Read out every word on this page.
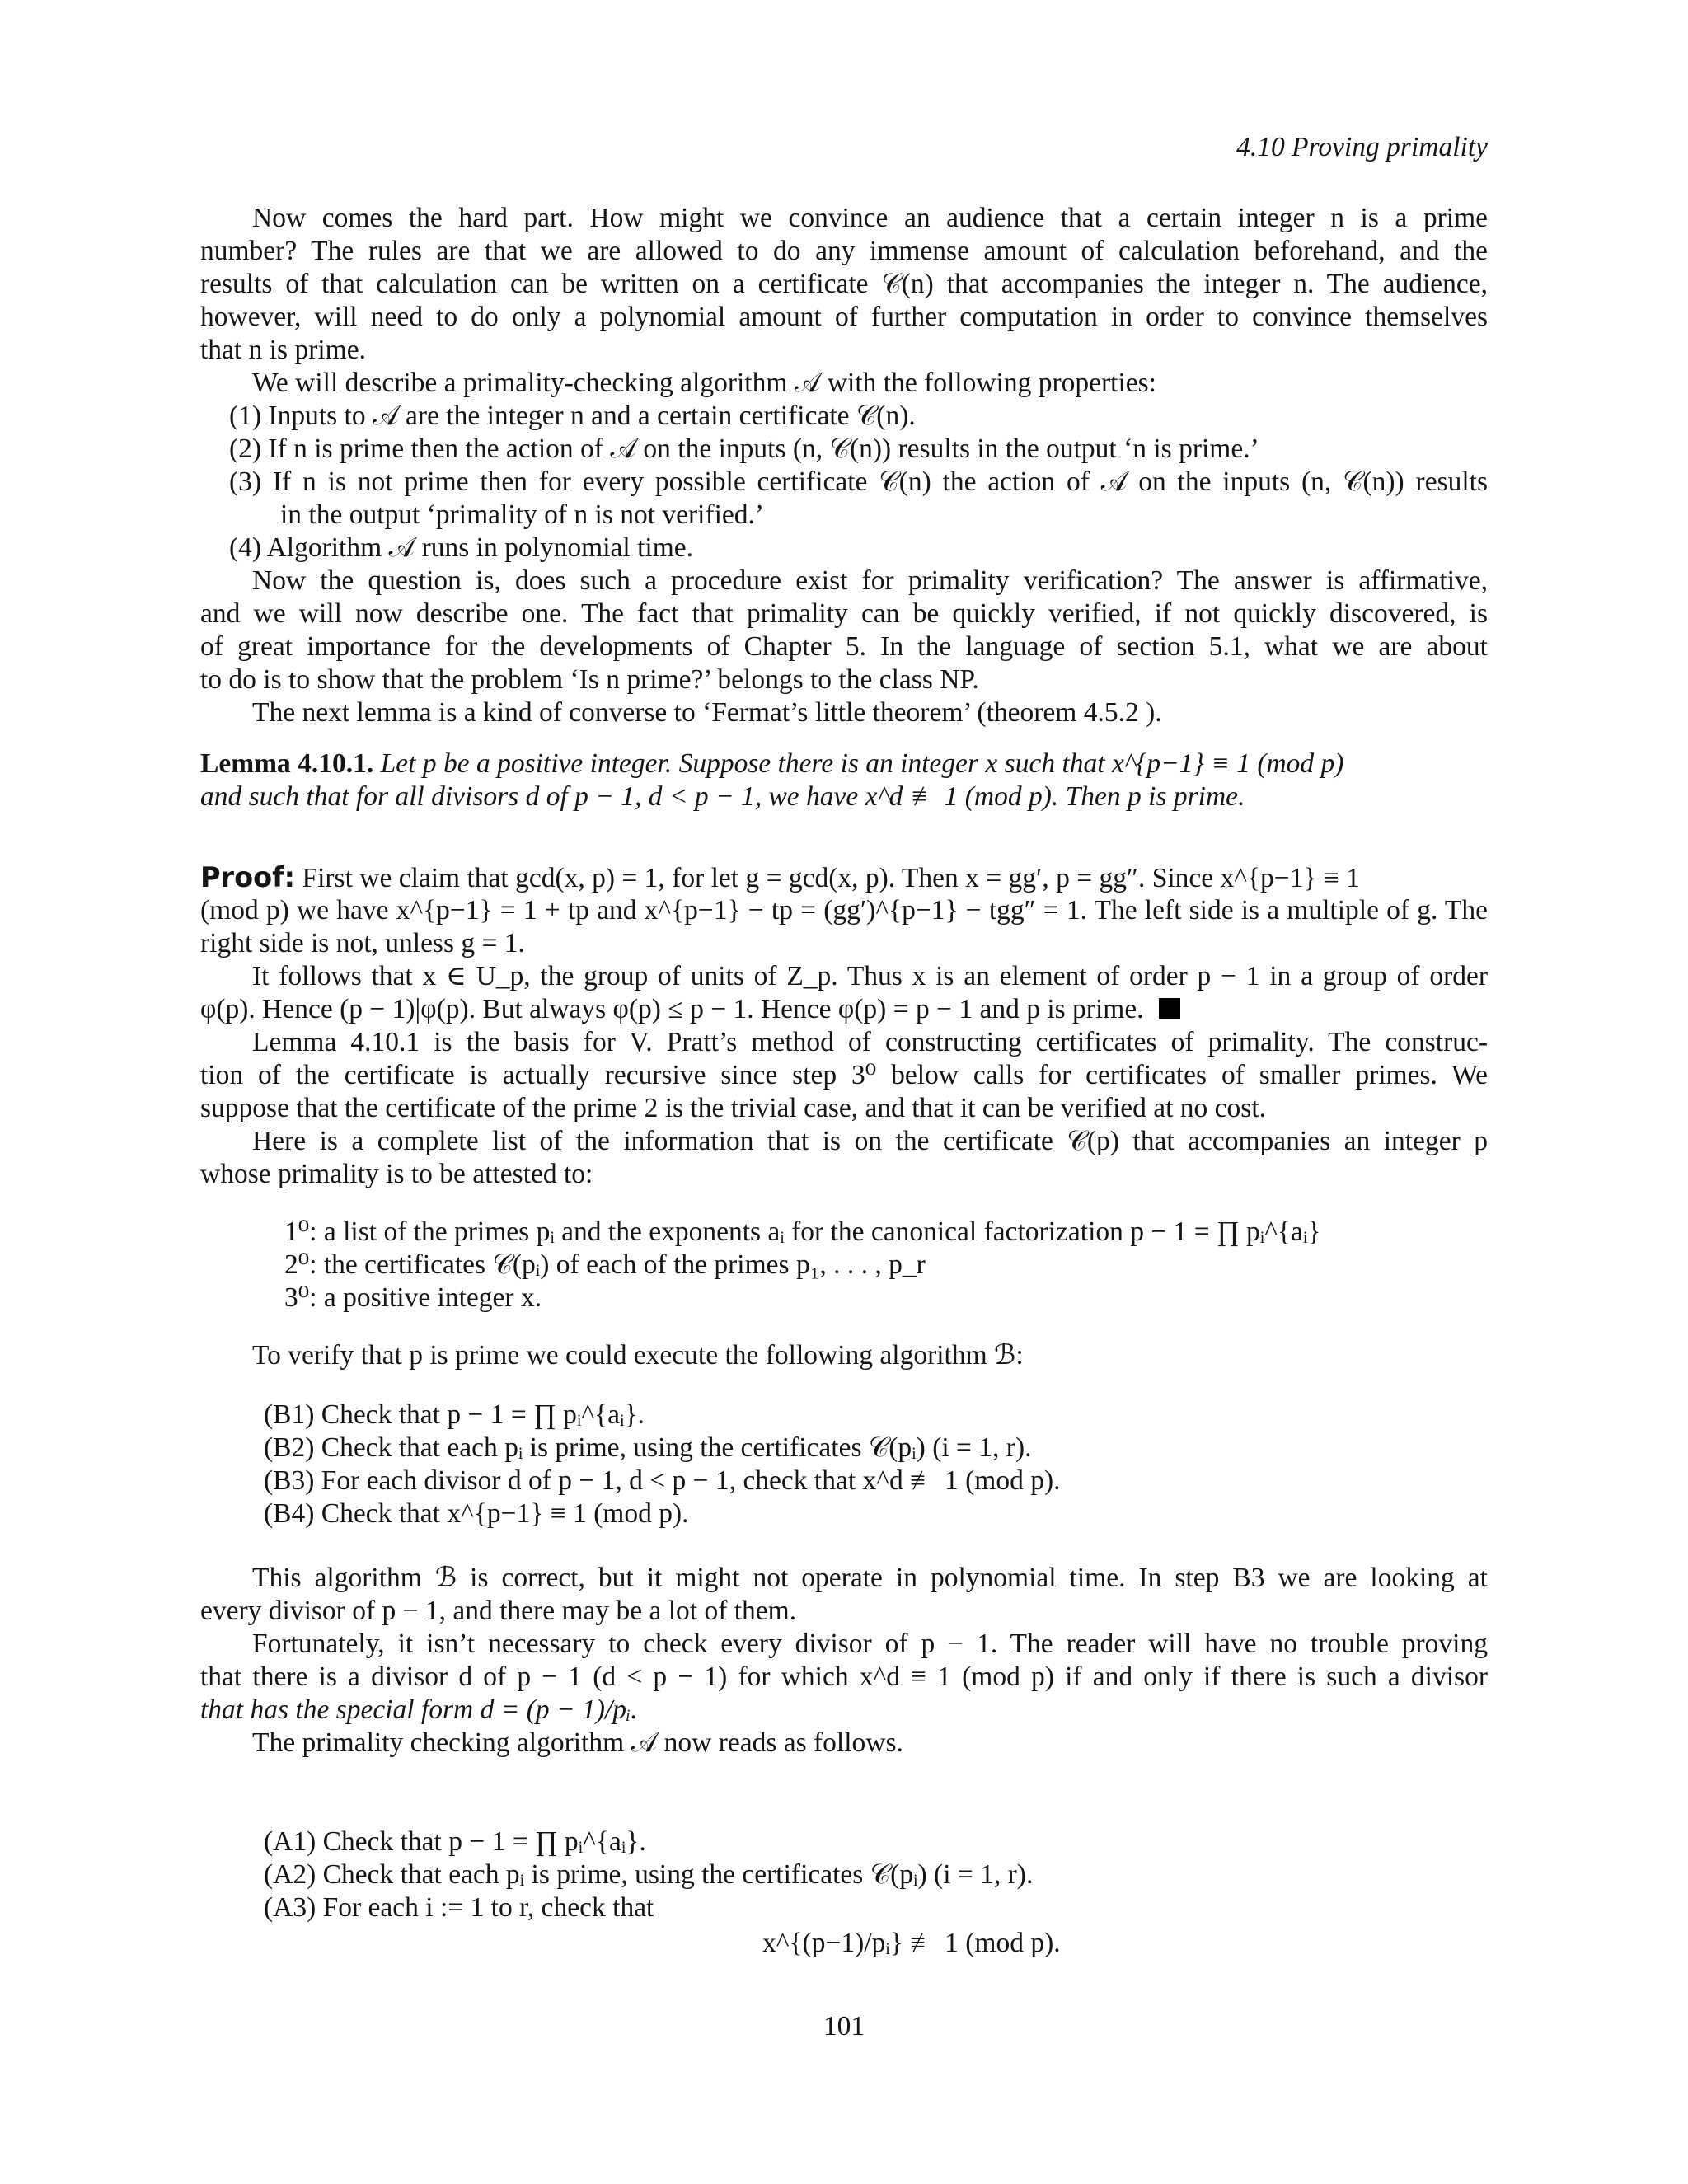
4.10 Proving primality
Now comes the hard part. How might we convince an audience that a certain integer n is a prime
number? The rules are that we are allowed to do any immense amount of calculation beforehand, and the
results of that calculation can be written on a certificate 𝒞(n) that accompanies the integer n. The audience,
however, will need to do only a polynomial amount of further computation in order to convince themselves
that n is prime.
We will describe a primality-checking algorithm 𝒜 with the following properties:
(1) Inputs to 𝒜 are the integer n and a certain certificate 𝒞(n).
(2) If n is prime then the action of 𝒜 on the inputs (n, 𝒞(n)) results in the output ‘n is prime.’
(3) If n is not prime then for every possible certificate 𝒞(n) the action of 𝒜 on the inputs (n, 𝒞(n)) results
in the output ‘primality of n is not verified.’
(4) Algorithm 𝒜 runs in polynomial time.
Now the question is, does such a procedure exist for primality verification? The answer is affirmative,
and we will now describe one. The fact that primality can be quickly verified, if not quickly discovered, is
of great importance for the developments of Chapter 5. In the language of section 5.1, what we are about
to do is to show that the problem ‘Is n prime?’ belongs to the class NP.
The next lemma is a kind of converse to ‘Fermat’s little theorem’ (theorem 4.5.2 ).
Lemma 4.10.1. Let p be a positive integer. Suppose there is an integer x such that x^{p−1} ≡ 1 (mod p)
and such that for all divisors d of p − 1, d < p − 1, we have x^d ≢ 1 (mod p). Then p is prime.
Proof: First we claim that gcd(x, p) = 1, for let g = gcd(x, p). Then x = gg′, p = gg″. Since x^{p−1} ≡ 1
(mod p) we have x^{p−1} = 1 + tp and x^{p−1} − tp = (gg′)^{p−1} − tgg″ = 1. The left side is a multiple of g. The
right side is not, unless g = 1.
It follows that x ∈ U_p, the group of units of Z_p. Thus x is an element of order p − 1 in a group of order
φ(p). Hence (p − 1)|φ(p). But always φ(p) ≤ p − 1. Hence φ(p) = p − 1 and p is prime.
Lemma 4.10.1 is the basis for V. Pratt’s method of constructing certificates of primality. The construc-
tion of the certificate is actually recursive since step 3⁰ below calls for certificates of smaller primes. We
suppose that the certificate of the prime 2 is the trivial case, and that it can be verified at no cost.
Here is a complete list of the information that is on the certificate 𝒞(p) that accompanies an integer p
whose primality is to be attested to:
1⁰: a list of the primes pᵢ and the exponents aᵢ for the canonical factorization p − 1 = ∏ pᵢ^{aᵢ}
2⁰: the certificates 𝒞(pᵢ) of each of the primes p₁, . . . , p_r
3⁰: a positive integer x.
To verify that p is prime we could execute the following algorithm ℬ:
(B1) Check that p − 1 = ∏ pᵢ^{aᵢ}.
(B2) Check that each pᵢ is prime, using the certificates 𝒞(pᵢ) (i = 1, r).
(B3) For each divisor d of p − 1, d < p − 1, check that x^d ≢ 1 (mod p).
(B4) Check that x^{p−1} ≡ 1 (mod p).
This algorithm ℬ is correct, but it might not operate in polynomial time. In step B3 we are looking at
every divisor of p − 1, and there may be a lot of them.
Fortunately, it isn’t necessary to check every divisor of p − 1. The reader will have no trouble proving
that there is a divisor d of p − 1 (d < p − 1) for which x^d ≡ 1 (mod p) if and only if there is such a divisor
that has the special form d = (p − 1)/pᵢ.
The primality checking algorithm 𝒜 now reads as follows.
(A1) Check that p − 1 = ∏ pᵢ^{aᵢ}.
(A2) Check that each pᵢ is prime, using the certificates 𝒞(pᵢ) (i = 1, r).
(A3) For each i := 1 to r, check that
x^{(p−1)/pᵢ} ≢ 1 (mod p).
101
